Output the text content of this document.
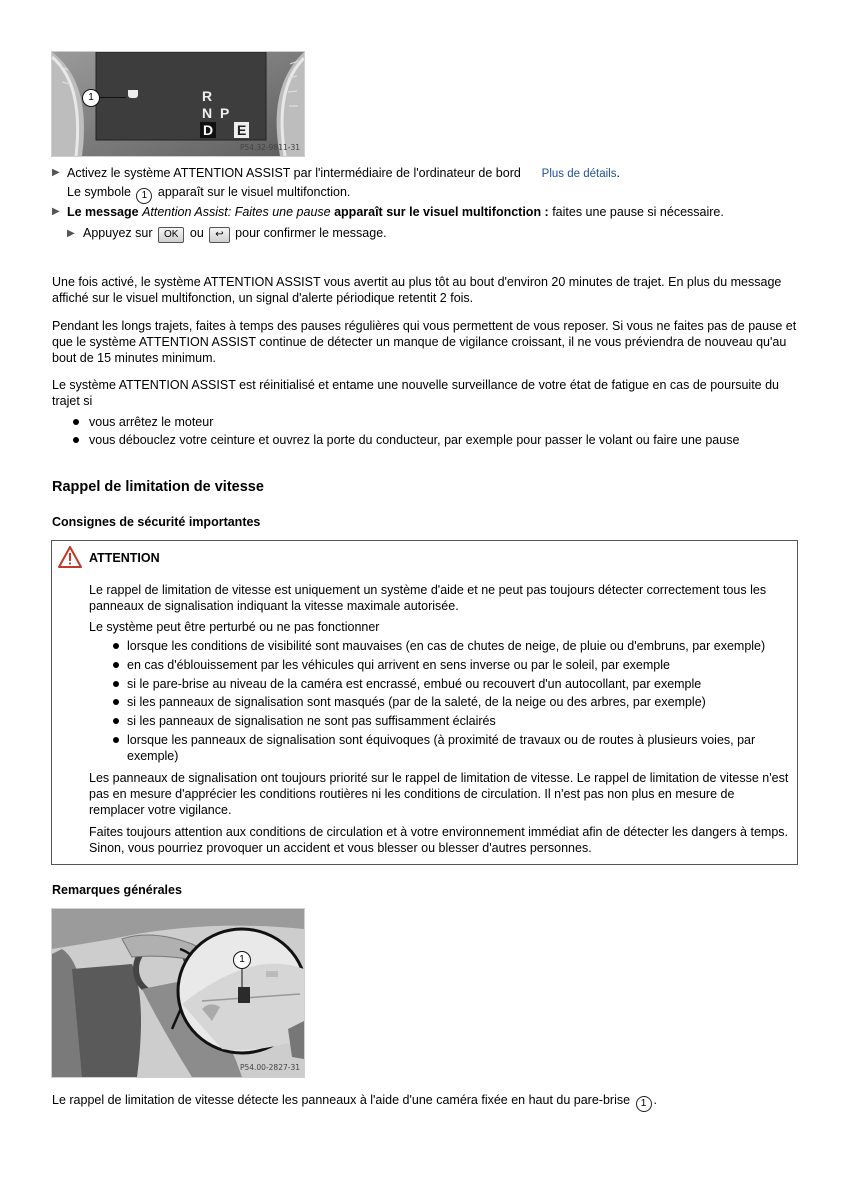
1	R
N P
D E
P54.32-9811-31
▶ Activez le système ATTENTION ASSIST par l'intermédiaire de l'ordinateur de bord Plus de détails.
Le symbole 1 apparaît sur le visuel multifonction.
▶ Le message Attention Assist: Faites une pause apparaît sur le visuel multifonction : faites une pause si nécessaire.
▶ Appuyez sur OK ou ↩ pour confirmer le message.

Une fois activé, le système ATTENTION ASSIST vous avertit au plus tôt au bout d'environ 20 minutes de trajet. En plus du message affiché sur le visuel multifonction, un signal d'alerte périodique retentit 2 fois.

Pendant les longs trajets, faites à temps des pauses régulières qui vous permettent de vous reposer. Si vous ne faites pas de pause et que le système ATTENTION ASSIST continue de détecter un manque de vigilance croissant, il ne vous préviendra de nouveau qu'au bout de 15 minutes minimum.

Le système ATTENTION ASSIST est réinitialisé et entame une nouvelle surveillance de votre état de fatigue en cas de poursuite du trajet si

vous arrêtez le moteur
vous débouclez votre ceinture et ouvrez la porte du conducteur, par exemple pour passer le volant ou faire une pause
Rappel de limitation de vitesse
Consignes de sécurité importantes
ATTENTION
Le rappel de limitation de vitesse est uniquement un système d'aide et ne peut pas toujours détecter correctement tous les panneaux de signalisation indiquant la vitesse maximale autorisée.
Le système peut être perturbé ou ne pas fonctionner
lorsque les conditions de visibilité sont mauvaises (en cas de chutes de neige, de pluie ou d'embruns, par exemple)
en cas d'éblouissement par les véhicules qui arrivent en sens inverse ou par le soleil, par exemple
si le pare-brise au niveau de la caméra est encrassé, embué ou recouvert d'un autocollant, par exemple
si les panneaux de signalisation sont masqués (par de la saleté, de la neige ou des arbres, par exemple)
si les panneaux de signalisation ne sont pas suffisamment éclairés
lorsque les panneaux de signalisation sont équivoques (à proximité de travaux ou de routes à plusieurs voies, par exemple)
Les panneaux de signalisation ont toujours priorité sur le rappel de limitation de vitesse. Le rappel de limitation de vitesse n'est pas en mesure d'apprécier les conditions routières ni les conditions de circulation. Il n'est pas non plus en mesure de remplacer votre vigilance.
Faites toujours attention aux conditions de circulation et à votre environnement immédiat afin de détecter les dangers à temps. Sinon, vous pourriez provoquer un accident et vous blesser ou blesser d'autres personnes.
Remarques générales
1
P54.00-2827-31
Le rappel de limitation de vitesse détecte les panneaux à l'aide d'une caméra fixée en haut du pare-brise 1 .
